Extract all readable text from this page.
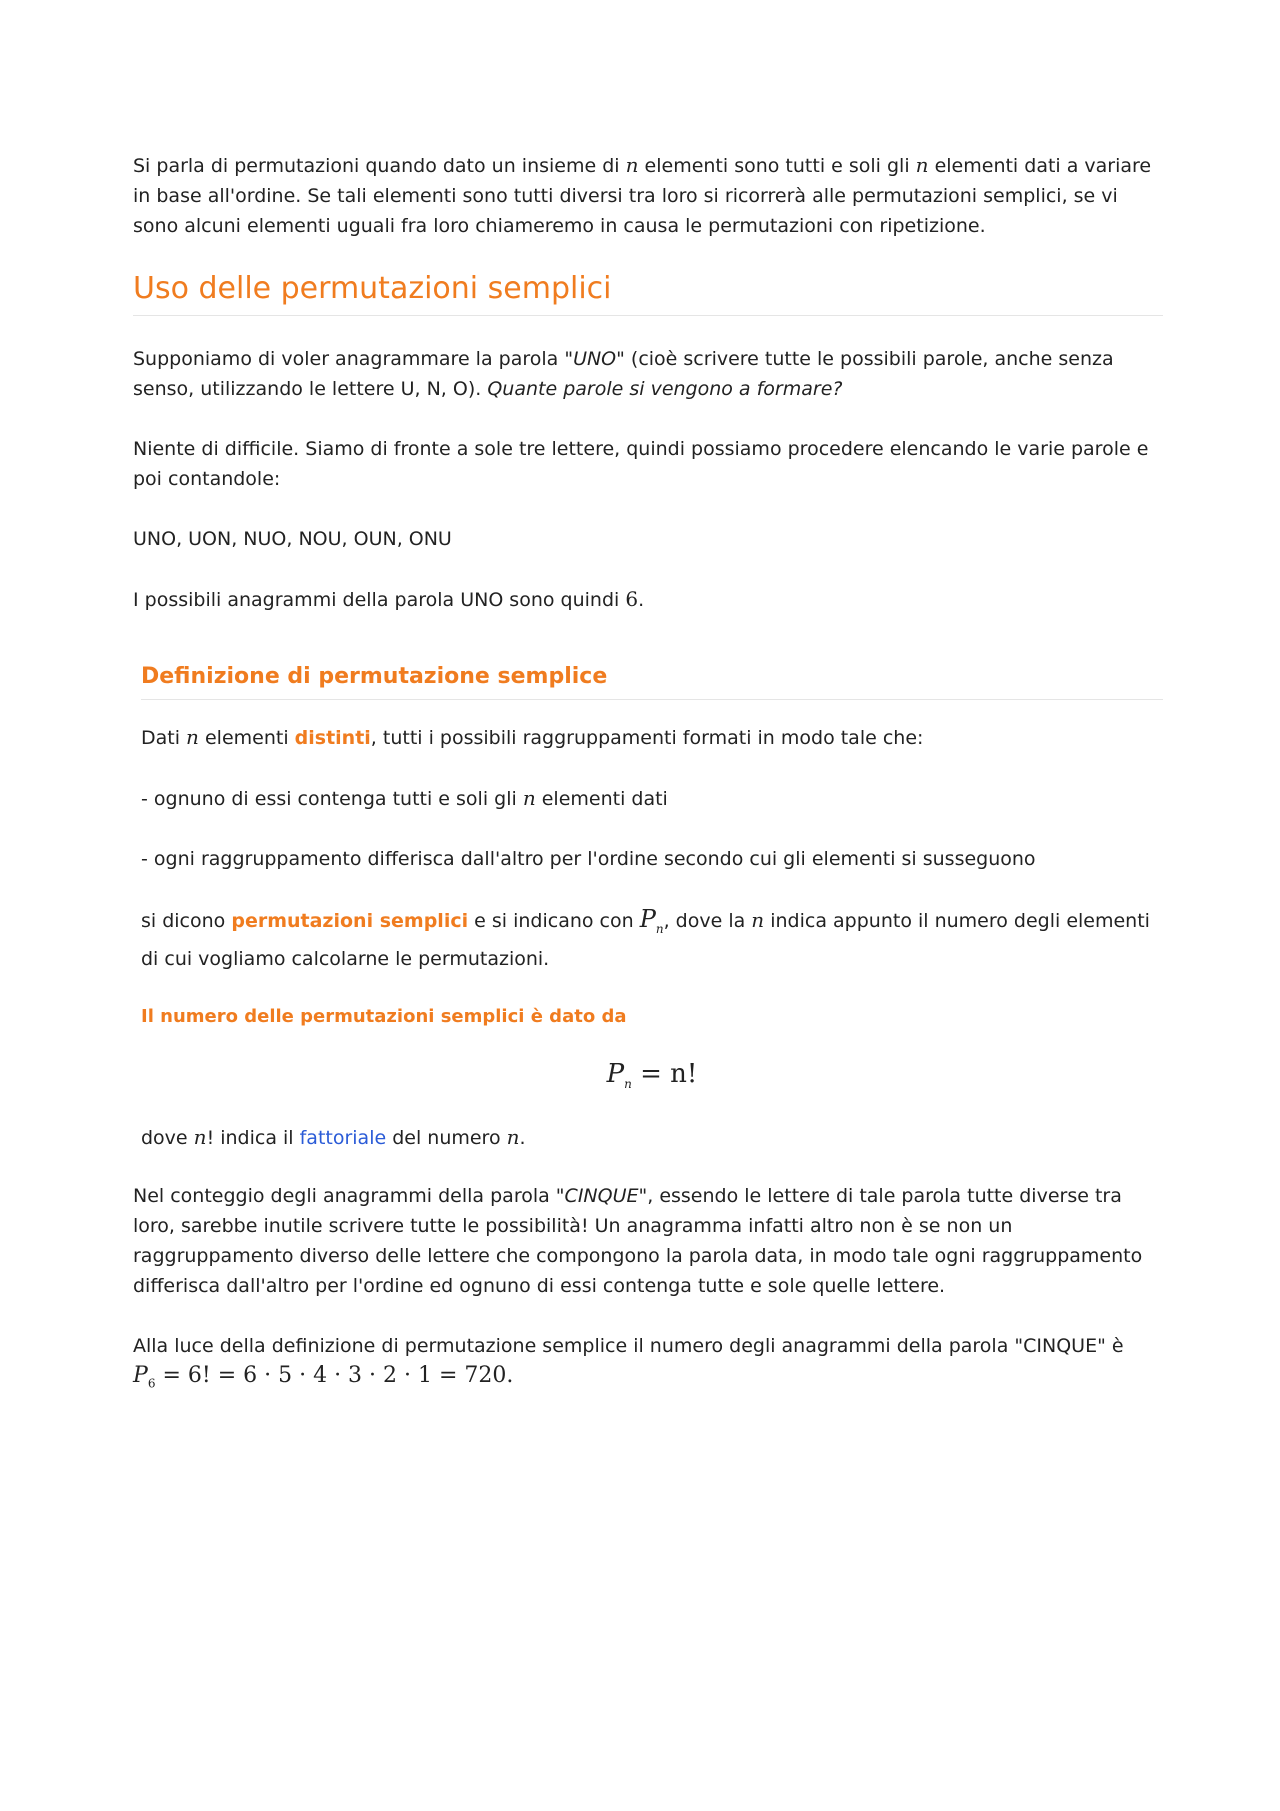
Si parla di permutazioni quando dato un insieme di n elementi sono tutti e soli gli n elementi dati a variare in base all'ordine. Se tali elementi sono tutti diversi tra loro si ricorrerà alle permutazioni semplici, se vi sono alcuni elementi uguali fra loro chiameremo in causa le permutazioni con ripetizione.

Uso delle permutazioni semplici

Supponiamo di voler anagrammare la parola "UNO" (cioè scrivere tutte le possibili parole, anche senza senso, utilizzando le lettere U, N, O). Quante parole si vengono a formare?

Niente di difficile. Siamo di fronte a sole tre lettere, quindi possiamo procedere elencando le varie parole e poi contandole:

UNO, UON, NUO, NOU, OUN, ONU

I possibili anagrammi della parola UNO sono quindi 6.

Definizione di permutazione semplice

Dati n elementi distinti, tutti i possibili raggruppamenti formati in modo tale che:

- ognuno di essi contenga tutti e soli gli n elementi dati

- ogni raggruppamento differisca dall'altro per l'ordine secondo cui gli elementi si susseguono

si dicono permutazioni semplici e si indicano con $P_n$, dove la n indica appunto il numero degli elementi di cui vogliamo calcolarne le permutazioni.

Il numero delle permutazioni semplici è dato da

$P_n = n$!

dove n! indica il fattoriale del numero n.

Nel conteggio degli anagrammi della parola "CINQUE", essendo le lettere di tale parola tutte diverse tra loro, sarebbe inutile scrivere tutte le possibilità! Un anagramma infatti altro non è se non un raggruppamento diverso delle lettere che compongono la parola data, in modo tale ogni raggruppamento differisca dall'altro per l'ordine ed ognuno di essi contenga tutte e sole quelle lettere.

Alla luce della definizione di permutazione semplice il numero degli anagrammi della parola "CINQUE" è

$P_6 = 6$! = 6 · 5 · 4 · 3 · 2 · 1 = 720.
